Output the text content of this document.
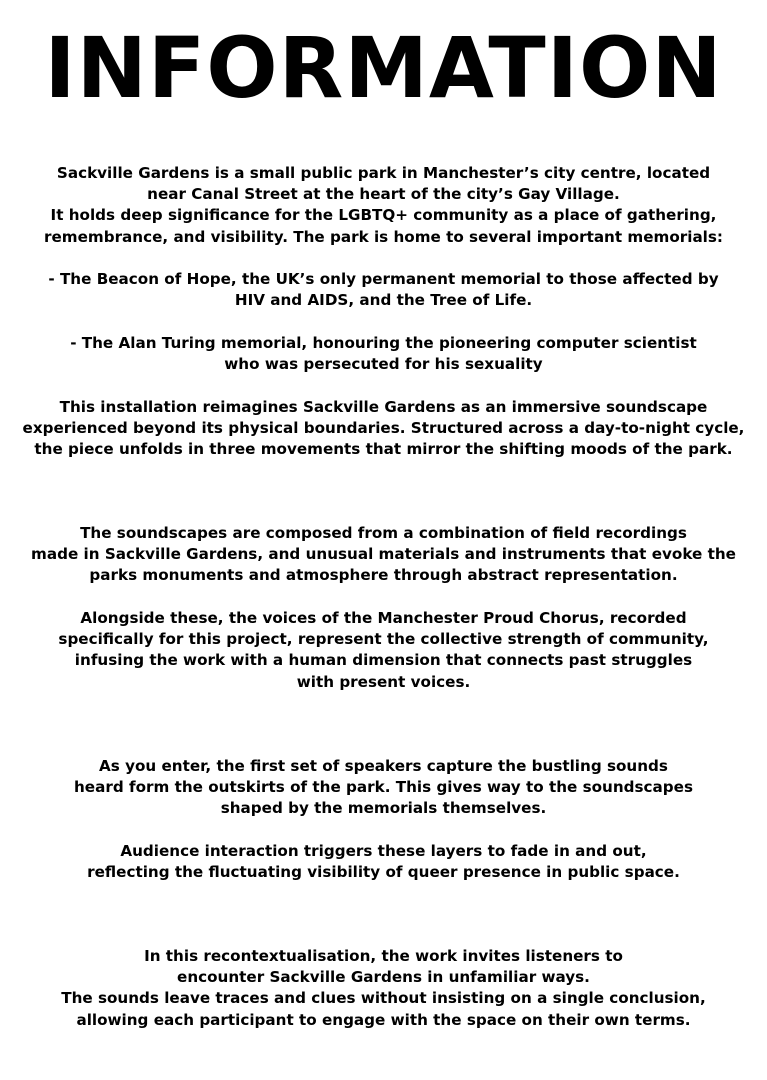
INFORMATION
Sackville Gardens is a small public park in Manchester’s city centre, located
near Canal Street at the heart of the city’s Gay Village.
It holds deep significance for the LGBTQ+ community as a place of gathering,
remembrance, and visibility. The park is home to several important memorials:
- The Beacon of Hope, the UK’s only permanent memorial to those affected by
HIV and AIDS, and the Tree of Life.
- The Alan Turing memorial, honouring the pioneering computer scientist
who was persecuted for his sexuality
This installation reimagines Sackville Gardens as an immersive soundscape
experienced beyond its physical boundaries. Structured across a day-to-night cycle,
the piece unfolds in three movements that mirror the shifting moods of the park.
The soundscapes are composed from a combination of field recordings
made in Sackville Gardens, and unusual materials and instruments that evoke the
parks monuments and atmosphere through abstract representation.
Alongside these, the voices of the Manchester Proud Chorus, recorded
specifically for this project, represent the collective strength of community,
infusing the work with a human dimension that connects past struggles
with present voices.
As you enter, the first set of speakers capture the bustling sounds
heard form the outskirts of the park. This gives way to the soundscapes
shaped by the memorials themselves.
Audience interaction triggers these layers to fade in and out,
reflecting the fluctuating visibility of queer presence in public space.
In this recontextualisation, the work invites listeners to
encounter Sackville Gardens in unfamiliar ways.
The sounds leave traces and clues without insisting on a single conclusion,
allowing each participant to engage with the space on their own terms.
